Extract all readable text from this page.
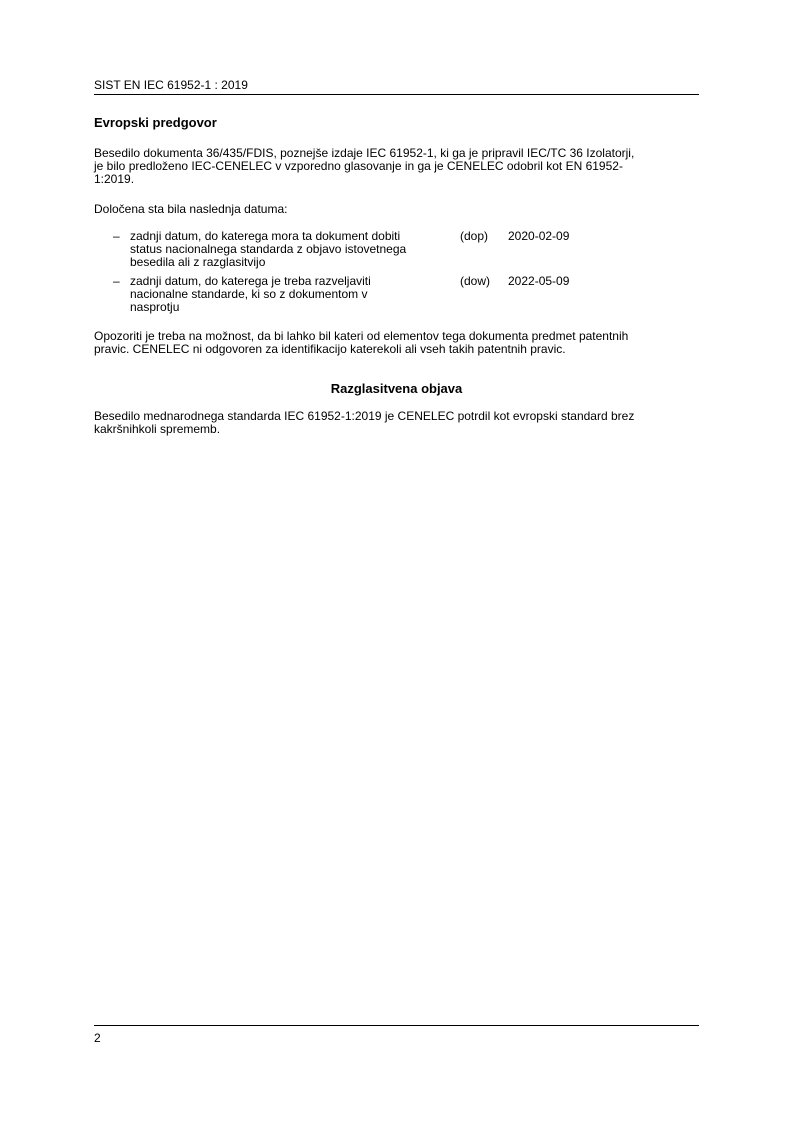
SIST EN IEC 61952-1 : 2019
Evropski predgovor

Besedilo dokumenta 36/435/FDIS, poznejše izdaje IEC 61952-1, ki ga je pripravil IEC/TC 36 Izolatorji,
je bilo predloženo IEC-CENELEC v vzporedno glasovanje in ga je CENELEC odobril kot EN 61952-
1:2019.

Določena sta bila naslednja datuma:

– zadnji datum, do katerega mora ta dokument dobiti
status nacionalnega standarda z objavo istovetnega
besedila ali z razglasitvijo
(dop)	2020-02-09
– zadnji datum, do katerega je treba razveljaviti
nacionalne standarde, ki so z dokumentom v
nasprotju
(dow)	2022-05-09

Opozoriti je treba na možnost, da bi lahko bil kateri od elementov tega dokumenta predmet patentnih
pravic. CENELEC ni odgovoren za identifikacijo katerekoli ali vseh takih patentnih pravic.

Razglasitvena objava

Besedilo mednarodnega standarda IEC 61952-1:2019 je CENELEC potrdil kot evropski standard brez
kakršnihkoli sprememb.

2
